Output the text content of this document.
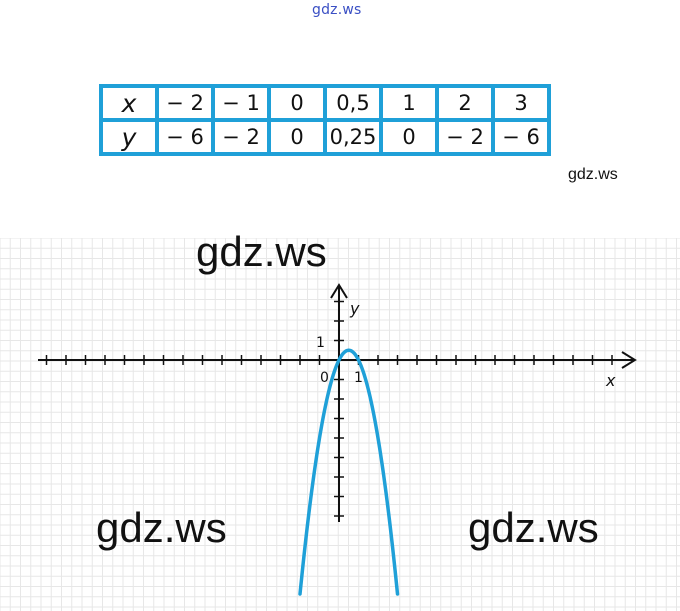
gdz.ws
x	− 2	− 1	0	0,5	1	2	3
y	− 6	− 2	0	0,25	0	− 2	− 6
gdz.ws
x
y
0 1
1
gdz.ws
gdz.ws	gdz.ws
